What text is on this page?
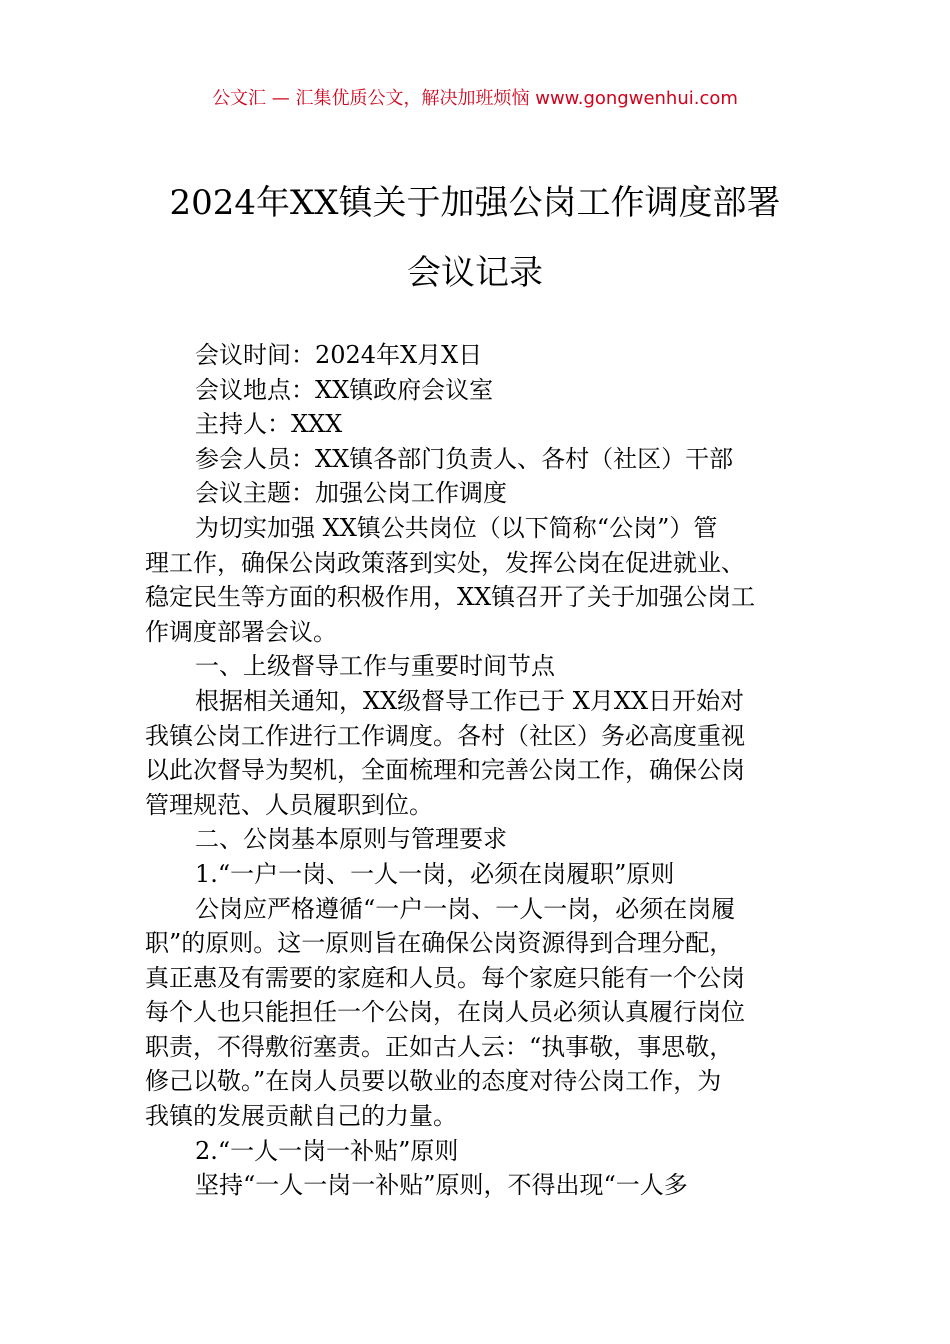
公文汇 — 汇集优质公文，解决加班烦恼 www.gongwenhui.com
2024年XX镇关于加强公岗工作调度部署
会议记录
会议时间：2024年X月X日
会议地点：XX镇政府会议室
主持人：XXX
参会人员：XX镇各部门负责人、各村（社区）干部
会议主题：加强公岗工作调度
为切实加强 XX镇公共岗位（以下简称“公岗”）管
理工作，确保公岗政策落到实处，发挥公岗在促进就业、
稳定民生等方面的积极作用，XX镇召开了关于加强公岗工
作调度部署会议。
一、上级督导工作与重要时间节点
根据相关通知，XX级督导工作已于 X月XX日开始对
我镇公岗工作进行工作调度。各村（社区）务必高度重视
以此次督导为契机，全面梳理和完善公岗工作，确保公岗
管理规范、人员履职到位。
二、公岗基本原则与管理要求
1.“一户一岗、一人一岗，必须在岗履职”原则
公岗应严格遵循“一户一岗、一人一岗，必须在岗履
职”的原则。这一原则旨在确保公岗资源得到合理分配，
真正惠及有需要的家庭和人员。每个家庭只能有一个公岗
每个人也只能担任一个公岗，在岗人员必须认真履行岗位
职责，不得敷衍塞责。正如古人云：“执事敬，事思敬，
修己以敬。”在岗人员要以敬业的态度对待公岗工作，为
我镇的发展贡献自己的力量。
2.“一人一岗一补贴”原则
坚持“一人一岗一补贴”原则，不得出现“一人多
